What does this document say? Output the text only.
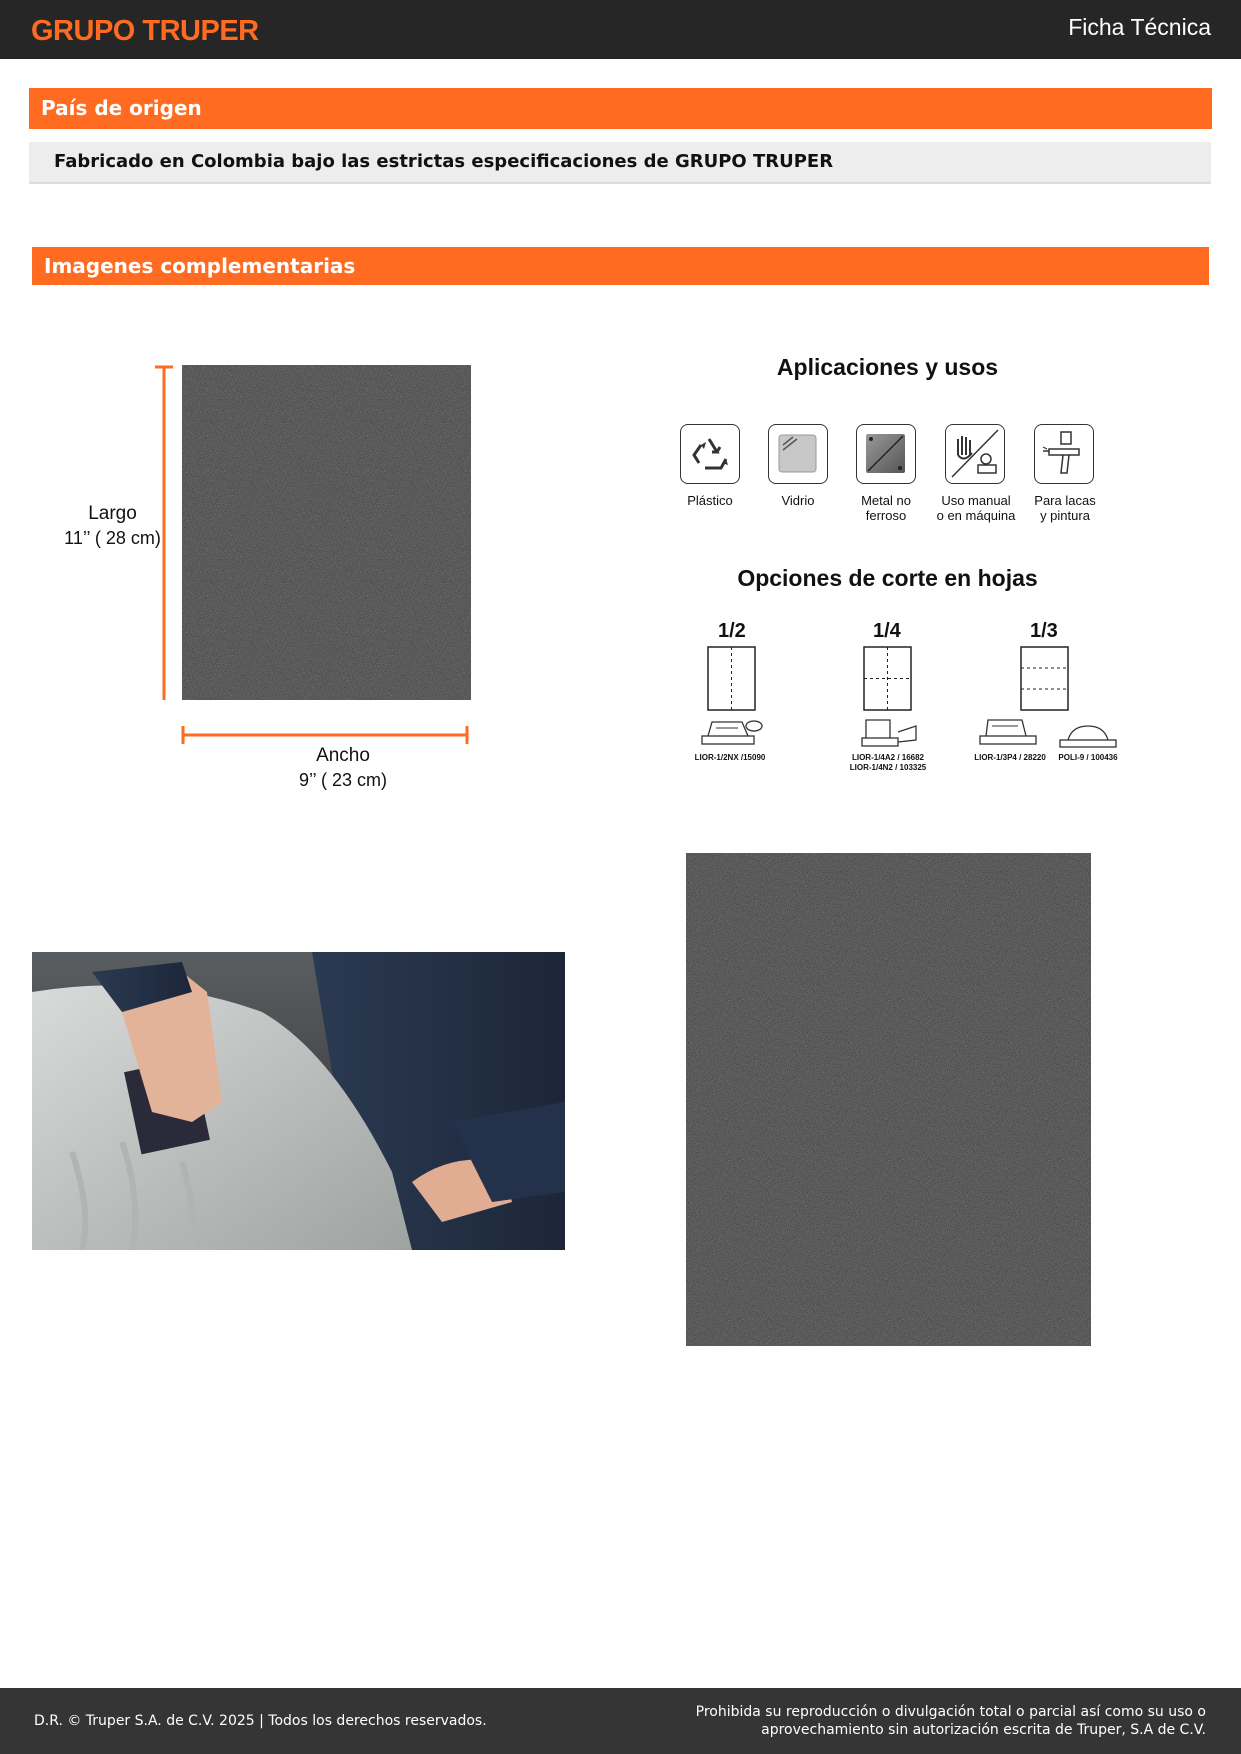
GRUPO TRUPER	Ficha Técnica
País de origen
Fabricado en Colombia bajo las estrictas especificaciones de GRUPO TRUPER
Imagenes complementarias
Largo
11’’ ( 28 cm)
Ancho
9’’ ( 23 cm)
Aplicaciones y usos
Plástico	Vidrio	Metal no
ferroso
Uso manual
o en máquina
Para lacas
y pintura
Opciones de corte en hojas
1/2	1/4	1/3
LIOR-1/2NX /15090	LIOR-1/4A2 / 16682
LIOR-1/4N2 / 103325
LIOR-1/3P4 / 28220	POLI-9 / 100436
D.R. © Truper S.A. de C.V. 2025 | Todos los derechos reservados.
Prohibida su reproducción o divulgación total o parcial así como su uso o
aprovechamiento sin autorización escrita de Truper, S.A de C.V.
